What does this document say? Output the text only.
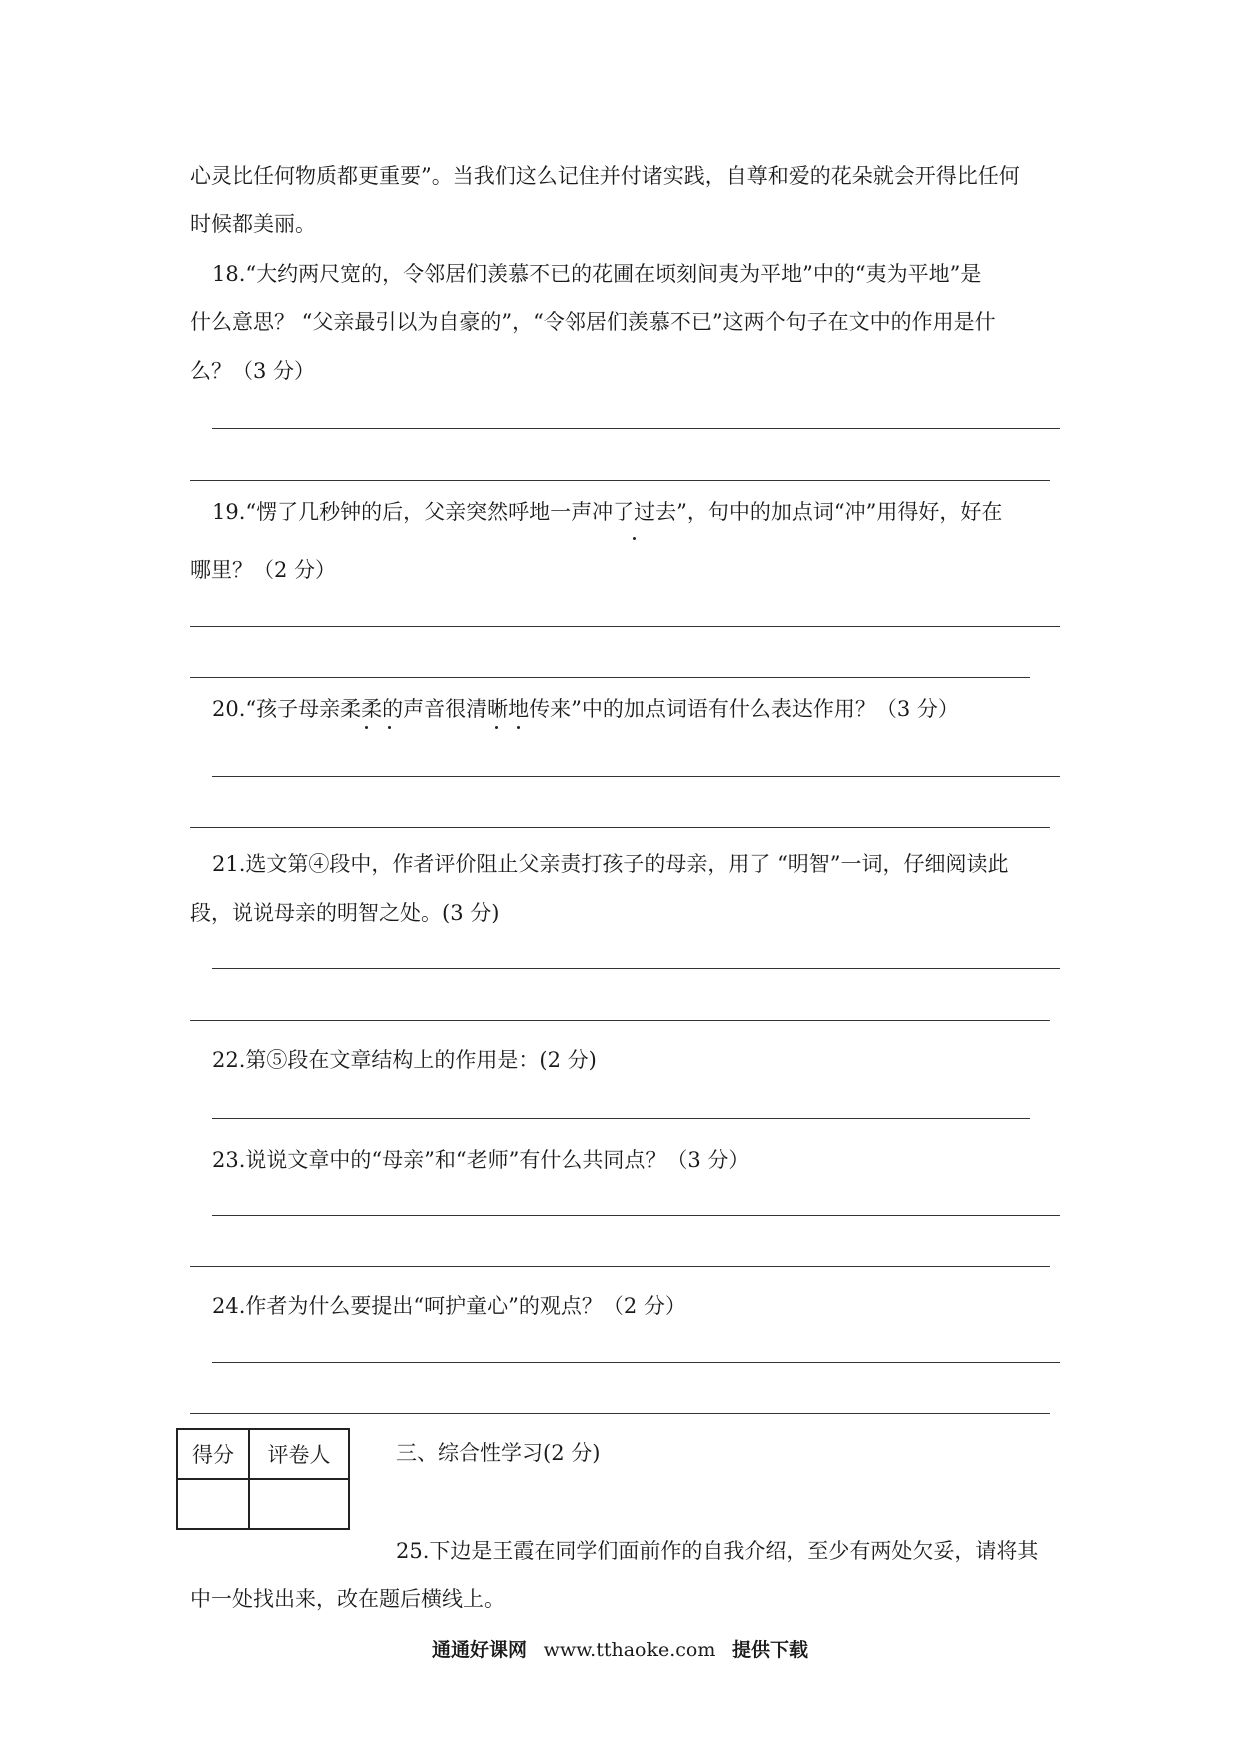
心灵比任何物质都更重要”。当我们这么记住并付诸实践，自尊和爱的花朵就会开得比任何
时候都美丽。
18.“大约两尺宽的，令邻居们羡慕不已的花圃在顷刻间夷为平地”中的“夷为平地”是
什么意思？ “父亲最引以为自豪的”，“令邻居们羡慕不已”这两个句子在文中的作用是什
么？（3 分）
19.“愣了几秒钟的后，父亲突然呼地一声冲了过去”，句中的加点词“冲”用得好，好在
哪里？（2 分）
20.“孩子母亲柔柔的声音很清晰地传来”中的加点词语有什么表达作用？（3 分）
21.选文第④段中，作者评价阻止父亲责打孩子的母亲，用了 “明智”一词，仔细阅读此
段，说说母亲的明智之处。(3 分)
22.第⑤段在文章结构上的作用是：(2 分)
23.说说文章中的“母亲”和“老师”有什么共同点？（3 分）
24.作者为什么要提出“呵护童心”的观点？（2 分）
得分	评卷人
		三、综合性学习(2 分)
25.下边是王霞在同学们面前作的自我介绍，至少有两处欠妥，请将其
中一处找出来，改在题后横线上。
通通好课网 www.tthaoke.com 提供下载
